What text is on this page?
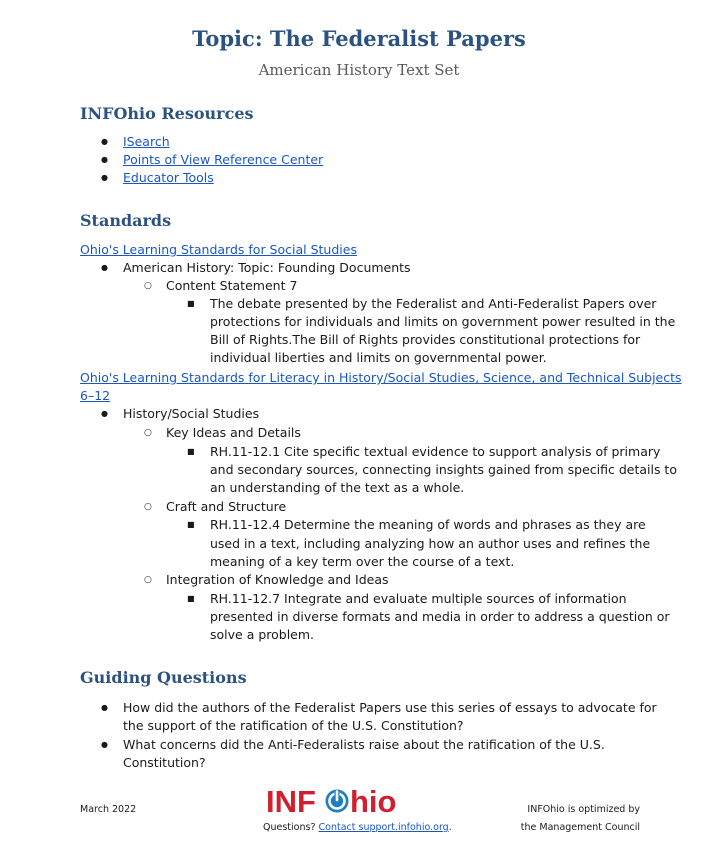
Topic: The Federalist Papers

American History Text Set

INFOhio Resources
●
ISearch
●
Points of View Reference Center
●
Educator Tools
Standards
Ohio's Learning Standards for Social Studies
●

American History: Topic: Founding Documents

○

Content Statement 7

■

The debate presented by the Federalist and Anti-Federalist Papers over

protections for individuals and limits on government power resulted in the

Bill of Rights.The Bill of Rights provides constitutional protections for

individual liberties and limits on governmental power.

Ohio's Learning Standards for Literacy in History/Social Studies, Science, and Technical Subjects
6–12
●

History/Social Studies

○

Key Ideas and Details

■

RH.11-12.1 Cite specific textual evidence to support analysis of primary

and secondary sources, connecting insights gained from specific details to

an understanding of the text as a whole.

○

Craft and Structure

■

RH.11-12.4 Determine the meaning of words and phrases as they are

used in a text, including analyzing how an author uses and refines the

meaning of a key term over the course of a text.

○

Integration of Knowledge and Ideas

■

RH.11-12.7 Integrate and evaluate multiple sources of information

presented in diverse formats and media in order to address a question or

solve a problem.

Guiding Questions
●

How did the authors of the Federalist Papers use this series of essays to advocate for

the support of the ratification of the U.S. Constitution?

●

What concerns did the Anti-Federalists raise about the ratification of the U.S.

Constitution?

March 2022	INF hio

Questions? Contact support.infohio.org.

INFOhio is optimized by

the Management Council
